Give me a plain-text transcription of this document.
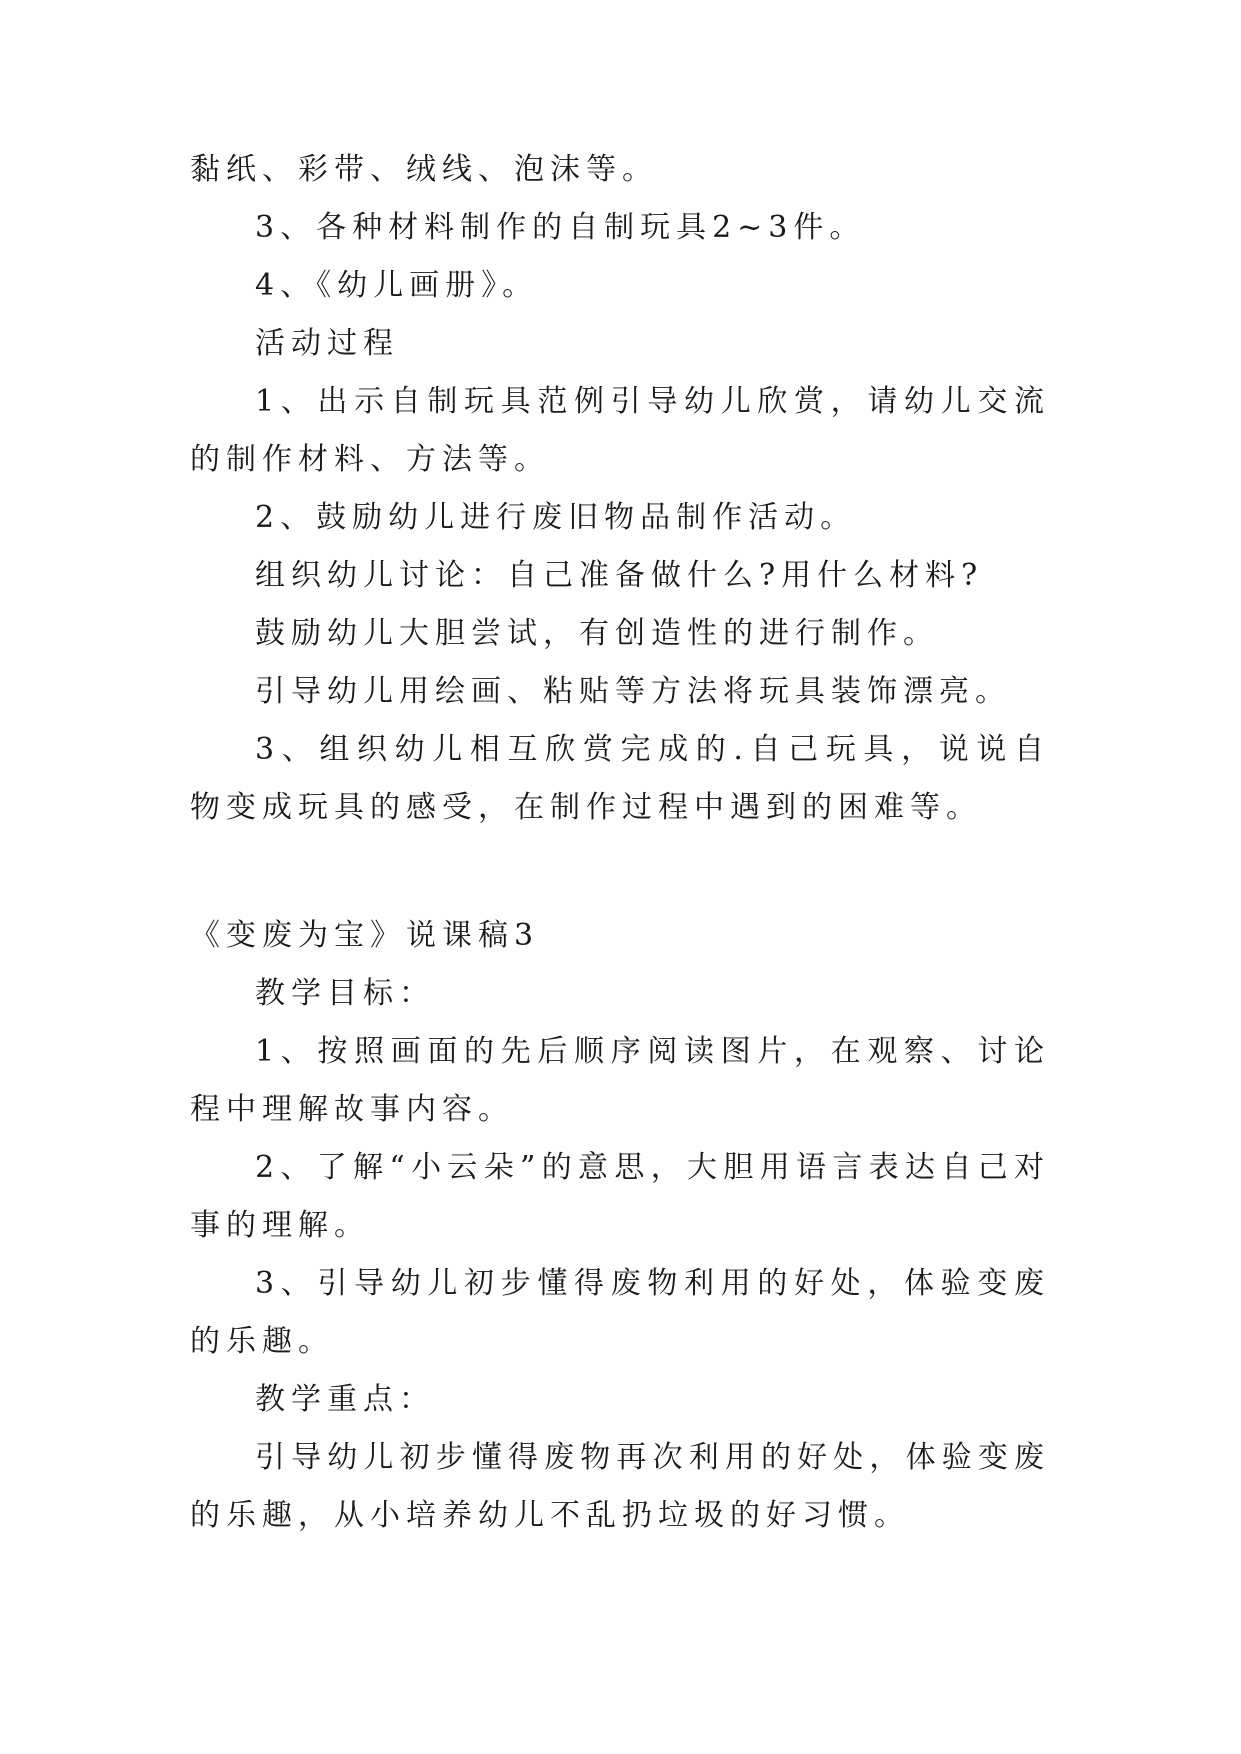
黏纸、彩带、绒线、泡沫等。
3、各种材料制作的自制玩具2~3件。
4、《幼儿画册》。
活动过程
1、出示自制玩具范例引导幼儿欣赏，请幼儿交流
的制作材料、方法等。
2、鼓励幼儿进行废旧物品制作活动。
组织幼儿讨论：自己准备做什么?用什么材料?
鼓励幼儿大胆尝试，有创造性的进行制作。
引导幼儿用绘画、粘贴等方法将玩具装饰漂亮。
3、组织幼儿相互欣赏完成的.自己玩具，说说自
物变成玩具的感受，在制作过程中遇到的困难等。
《变废为宝》说课稿3
教学目标：
1、按照画面的先后顺序阅读图片，在观察、讨论
程中理解故事内容。
2、了解“小云朵”的意思，大胆用语言表达自己对
事的理解。
3、引导幼儿初步懂得废物利用的好处，体验变废
的乐趣。
教学重点：
引导幼儿初步懂得废物再次利用的好处，体验变废
的乐趣，从小培养幼儿不乱扔垃圾的好习惯。
